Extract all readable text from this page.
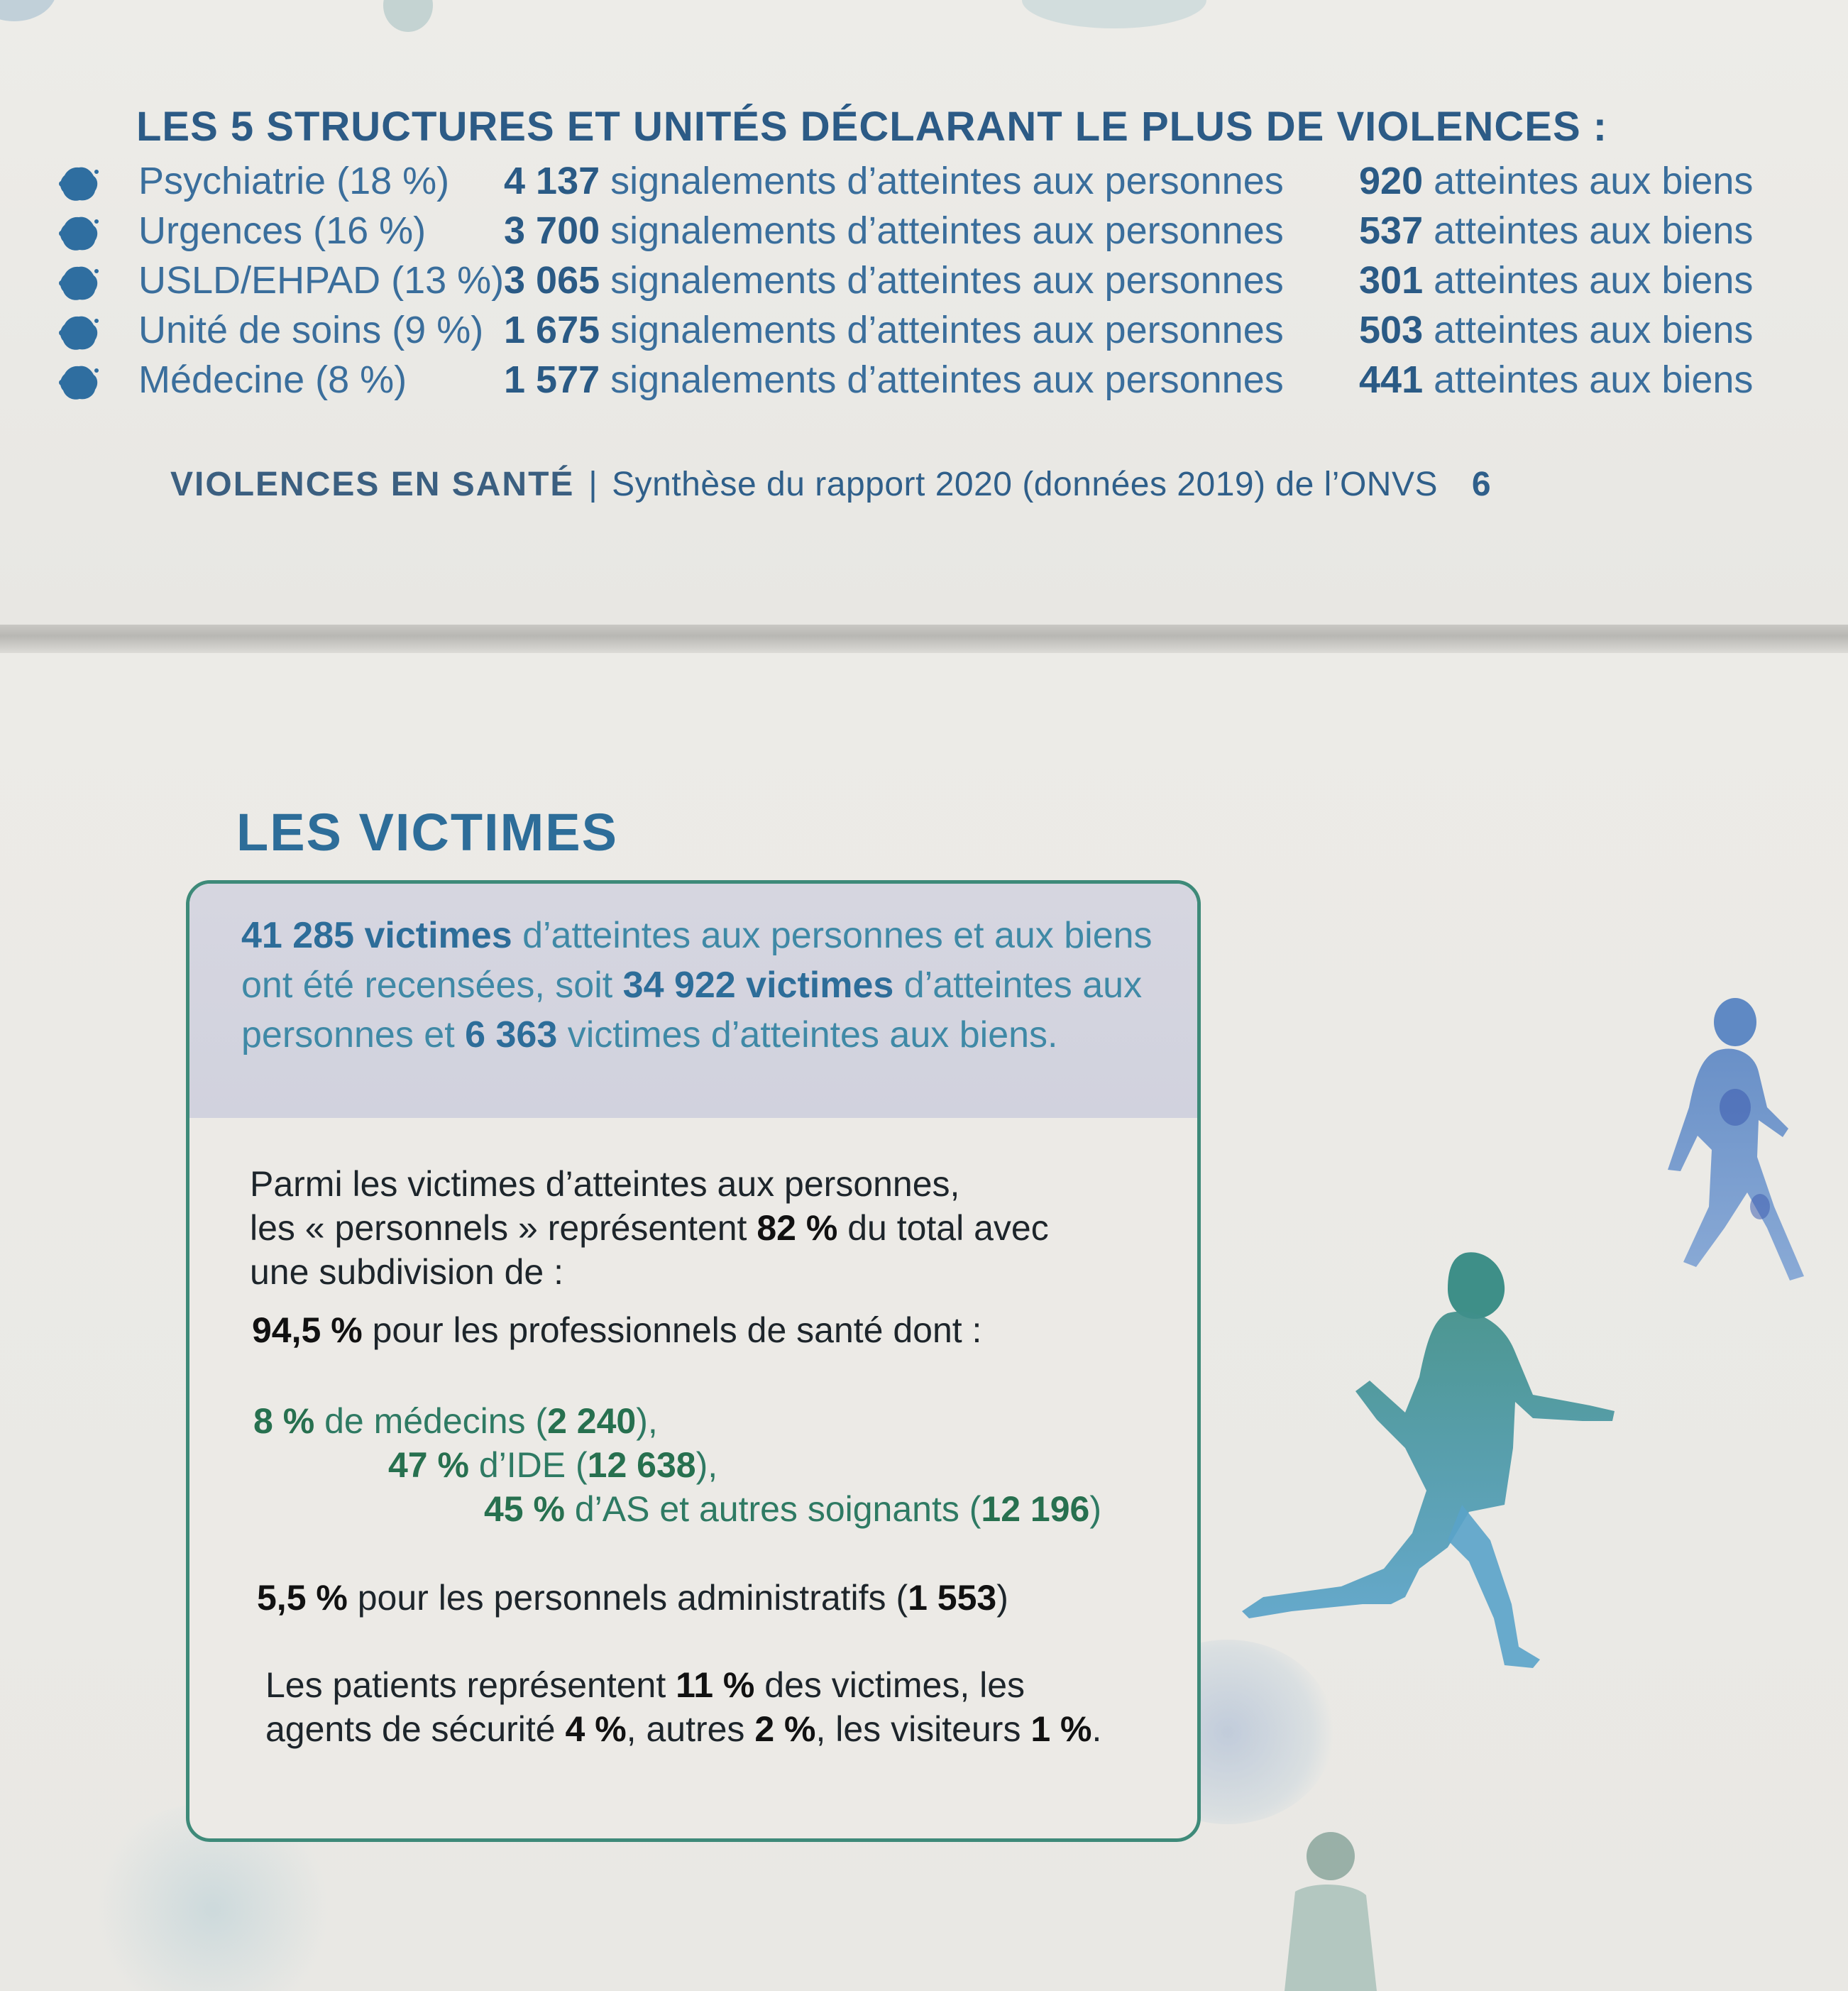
LES 5 STRUCTURES ET UNITÉS DÉCLARANT LE PLUS DE VIOLENCES :
Psychiatrie (18 %) 4 137 signalements d’atteintes aux personnes 920 atteintes aux biens
Urgences (16 %) 3 700 signalements d’atteintes aux personnes 537 atteintes aux biens
USLD/EHPAD (13 %) 3 065 signalements d’atteintes aux personnes 301 atteintes aux biens
Unité de soins (9 %) 1 675 signalements d’atteintes aux personnes 503 atteintes aux biens
Médecine (8 %)	1 577 signalements d’atteintes aux personnes 441 atteintes aux biens
VIOLENCES EN SANTÉ | Synthèse du rapport 2020 (données 2019) de l’ONVS 6
LES VICTIMES
41 285 victimes d’atteintes aux personnes et aux biens ont été recensées, soit 34 922 victimes d’atteintes aux personnes et 6 363 victimes d’atteintes aux biens.
Parmi les victimes d’atteintes aux personnes,
les « personnels » représentent 82 % du total avec
une subdivision de :
94,5 % pour les professionnels de santé dont :
8 % de médecins (2 240),
47 % d’IDE (12 638),
45 % d’AS et autres soignants (12 196)
5,5 % pour les personnels administratifs (1 553)
Les patients représentent 11 % des victimes, les
agents de sécurité 4 %, autres 2 %, les visiteurs 1 %.
